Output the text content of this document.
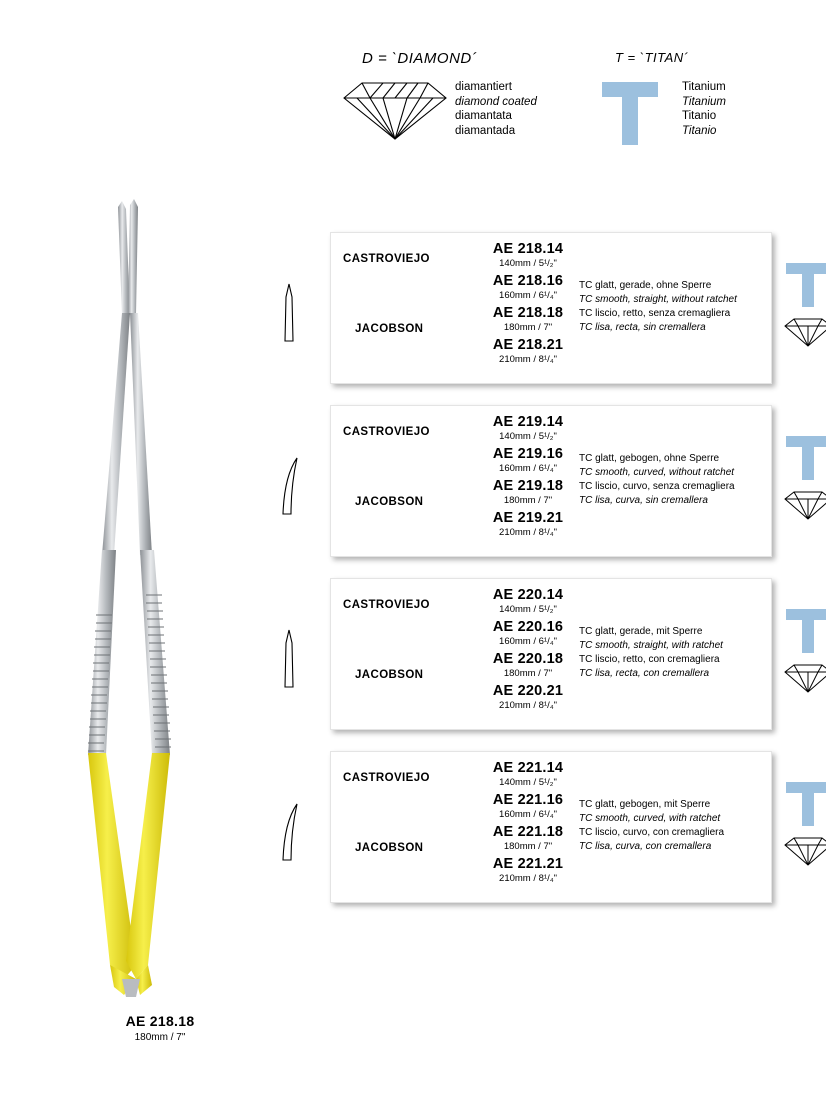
D = `DIAMOND´
diamantiert
diamond coated
diamantata
diamantada
T = `TITAN´
Titanium
Titanium
Titanio
Titanio
AE 218.18
180mm / 7"
CASTROVIEJO
JACOBSON
AE 218.14
140mm / 5¹/₂"
AE 218.16
160mm / 6¹/₄"
AE 218.18
180mm / 7"
AE 218.21
210mm / 8¹/₄"
TC glatt, gerade, ohne Sperre
TC smooth, straight, without ratchet
TC liscio, retto, senza cremagliera
TC lisa, recta, sin cremallera
CASTROVIEJO
JACOBSON
AE 219.14
140mm / 5¹/₂"
AE 219.16
160mm / 6¹/₄"
AE 219.18
180mm / 7"
AE 219.21
210mm / 8¹/₄"
TC glatt, gebogen, ohne Sperre
TC smooth, curved, without ratchet
TC liscio, curvo, senza cremagliera
TC lisa, curva, sin cremallera
CASTROVIEJO
JACOBSON
AE 220.14
140mm / 5¹/₂"
AE 220.16
160mm / 6¹/₄"
AE 220.18
180mm / 7"
AE 220.21
210mm / 8¹/₄"
TC glatt, gerade, mit Sperre
TC smooth, straight, with ratchet
TC liscio, retto, con cremagliera
TC lisa, recta, con cremallera
CASTROVIEJO
JACOBSON
AE 221.14
140mm / 5¹/₂"
AE 221.16
160mm / 6¹/₄"
AE 221.18
180mm / 7"
AE 221.21
210mm / 8¹/₄"
TC glatt, gebogen, mit Sperre
TC smooth, curved, with ratchet
TC liscio, curvo, con cremagliera
TC lisa, curva, con cremallera
